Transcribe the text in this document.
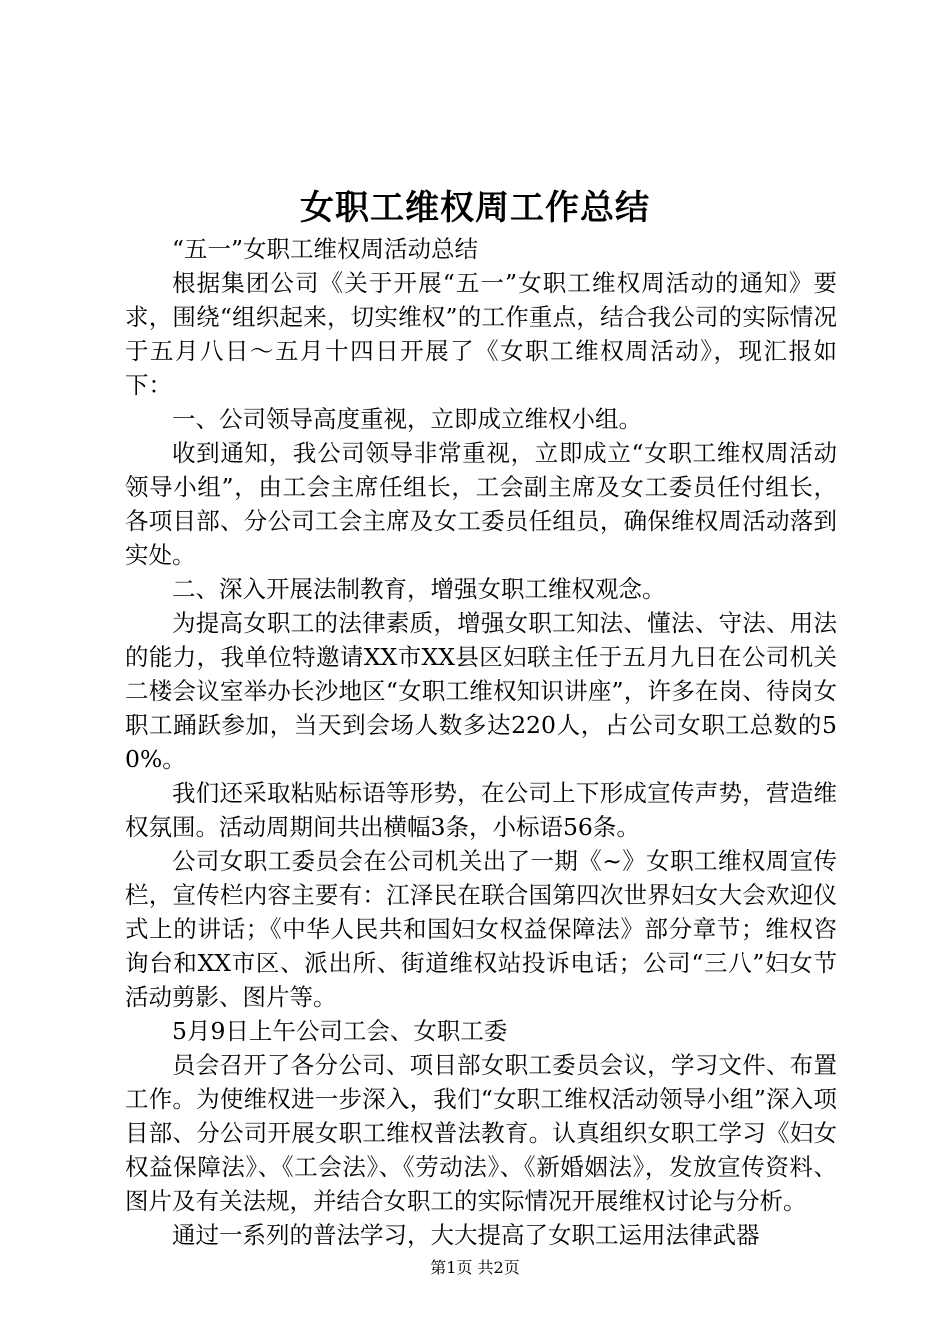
女职工维权周工作总结

“五一”女职工维权周活动总结

根据集团公司《关于开展“五一”女职工维权周活动的通知》要求，围绕“组织起来，切实维权”的工作重点，结合我公司的实际情况于五月八日～五月十四日开展了《女职工维权周活动》，现汇报如下：

一、公司领导高度重视，立即成立维权小组。

收到通知，我公司领导非常重视，立即成立“女职工维权周活动领导小组”，由工会主席任组长，工会副主席及女工委员任付组长，各项目部、分公司工会主席及女工委员任组员，确保维权周活动落到实处。

二、深入开展法制教育，增强女职工维权观念。

为提高女职工的法律素质，增强女职工知法、懂法、守法、用法的能力，我单位特邀请XX市XX县区妇联主任于五月九日在公司机关二楼会议室举办长沙地区“女职工维权知识讲座”，许多在岗、待岗女职工踊跃参加，当天到会场人数多达220人，占公司女职工总数的50%。

我们还采取粘贴标语等形势，在公司上下形成宣传声势，营造维权氛围。活动周期间共出横幅3条，小标语56条。

公司女职工委员会在公司机关出了一期《~》女职工维权周宣传栏，宣传栏内容主要有：江泽民在联合国第四次世界妇女大会欢迎仪式上的讲话；《中华人民共和国妇女权益保障法》部分章节；维权咨询台和XX市区、派出所、街道维权站投诉电话；公司“三八”妇女节活动剪影、图片等。

5月9日上午公司工会、女职工委

员会召开了各分公司、项目部女职工委员会议，学习文件、布置工作。为使维权进一步深入，我们“女职工维权活动领导小组”深入项目部、分公司开展女职工维权普法教育。认真组织女职工学习《妇女权益保障法》、《工会法》、《劳动法》、《新婚姻法》，发放宣传资料、图片及有关法规，并结合女职工的实际情况开展维权讨论与分析。

通过一系列的普法学习，大大提高了女职工运用法律武器

第1页 共2页
